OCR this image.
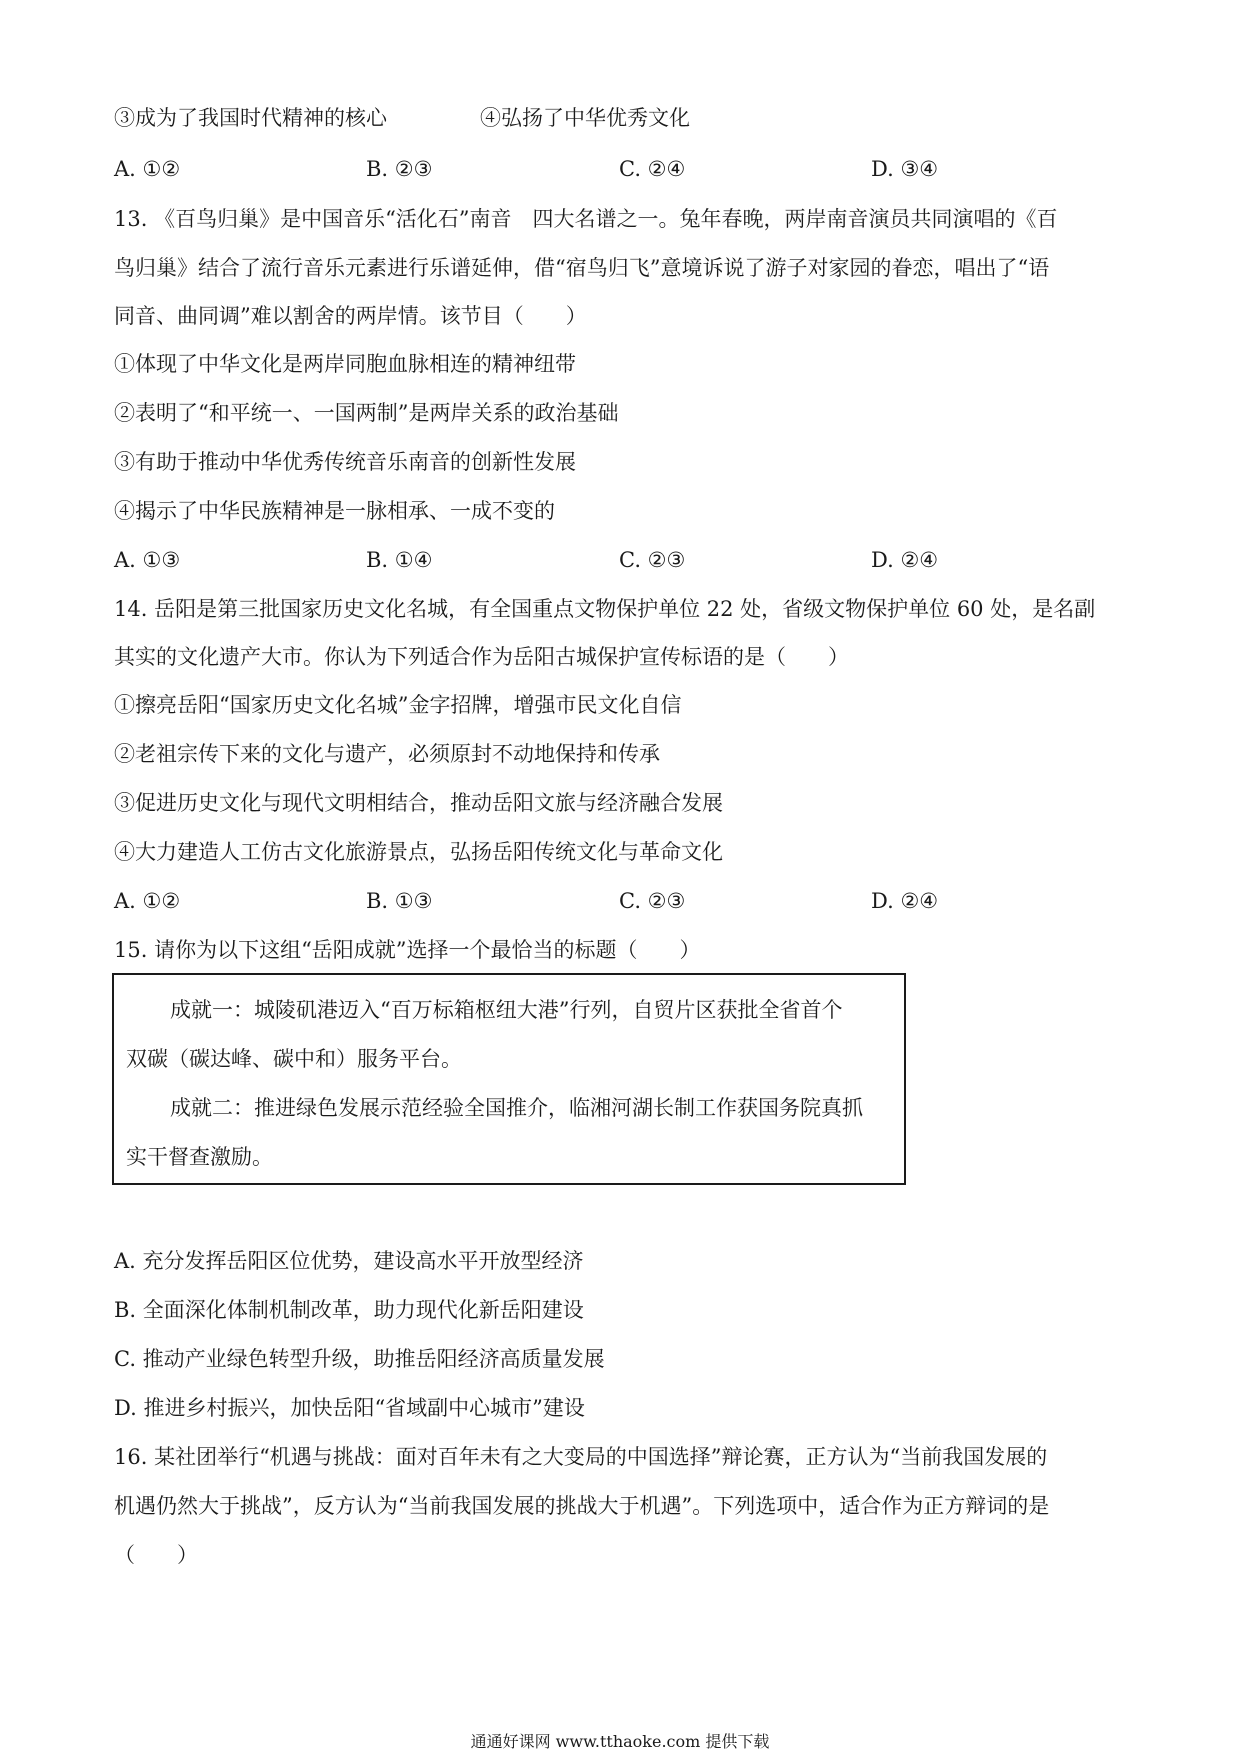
③成为了我国时代精神的核心	④弘扬了中华优秀文化
A. ①②	B. ②③	C. ②④	D. ③④
13. 《百鸟归巢》是中国音乐“活化石”南音　四大名谱之一。兔年春晚，两岸南音演员共同演唱的《百
鸟归巢》结合了流行音乐元素进行乐谱延伸，借“宿鸟归飞”意境诉说了游子对家园的眷恋，唱出了“语
同音、曲同调”难以割舍的两岸情。该节目（　　）
①体现了中华文化是两岸同胞血脉相连的精神纽带
②表明了“和平统一、一国两制”是两岸关系的政治基础
③有助于推动中华优秀传统音乐南音的创新性发展
④揭示了中华民族精神是一脉相承、一成不变的
A. ①③	B. ①④	C. ②③	D. ②④
14. 岳阳是第三批国家历史文化名城，有全国重点文物保护单位 22 处，省级文物保护单位 60 处，是名副
其实的文化遗产大市。你认为下列适合作为岳阳古城保护宣传标语的是（　　）
①擦亮岳阳“国家历史文化名城”金字招牌，增强市民文化自信
②老祖宗传下来的文化与遗产，必须原封不动地保持和传承
③促进历史文化与现代文明相结合，推动岳阳文旅与经济融合发展
④大力建造人工仿古文化旅游景点，弘扬岳阳传统文化与革命文化
A. ①②	B. ①③	C. ②③	D. ②④
15. 请你为以下这组“岳阳成就”选择一个最恰当的标题（　　）
成就一：城陵矶港迈入“百万标箱枢纽大港”行列，自贸片区获批全省首个
双碳（碳达峰、碳中和）服务平台。
成就二：推进绿色发展示范经验全国推介，临湘河湖长制工作获国务院真抓
实干督查激励。
A. 充分发挥岳阳区位优势，建设高水平开放型经济
B. 全面深化体制机制改革，助力现代化新岳阳建设
C. 推动产业绿色转型升级，助推岳阳经济高质量发展
D. 推进乡村振兴，加快岳阳“省域副中心城市”建设
16. 某社团举行“机遇与挑战：面对百年未有之大变局的中国选择”辩论赛，正方认为“当前我国发展的
机遇仍然大于挑战”，反方认为“当前我国发展的挑战大于机遇”。下列选项中，适合作为正方辩词的是
（　　）
通通好课网 www.tthaoke.com 提供下载
